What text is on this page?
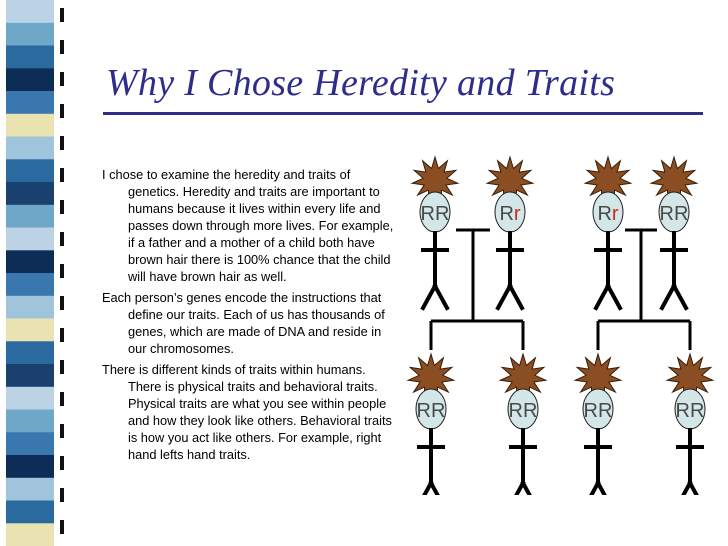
Why I Chose Heredity and Traits

I chose to examine the heredity and traits of genetics. Heredity and traits are important to humans because it lives within every life and passes down through more lives. For example, if a father and a mother of a child both have brown hair there is 100% chance that the child will have brown hair as well.

Each person’s genes encode the instructions that define our traits. Each of us has thousands of genes, which are made of DNA and reside in our chromosomes.

There is different kinds of traits within humans. There is physical traits and behavioral traits. Physical traits are what you see within people and how they look like others. Behavioral traits is how you act like others. For example, right hand lefts hand traits.

RR Rr	Rr RR
RR	RR RR	RR
